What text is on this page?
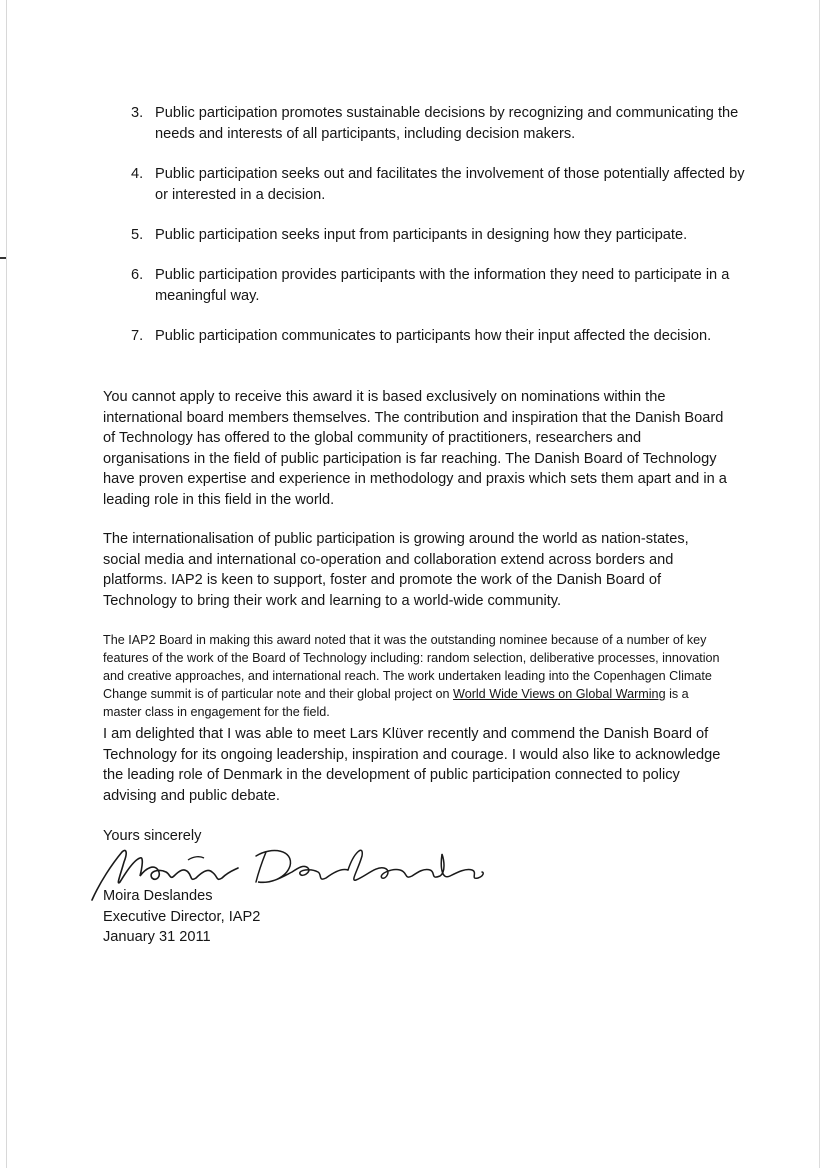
3. Public participation promotes sustainable decisions by recognizing and communicating the needs and interests of all participants, including decision makers.
4. Public participation seeks out and facilitates the involvement of those potentially affected by or interested in a decision.
5. Public participation seeks input from participants in designing how they participate.
6. Public participation provides participants with the information they need to participate in a meaningful way.
7. Public participation communicates to participants how their input affected the decision.

You cannot apply to receive this award it is based exclusively on nominations within the international board members themselves. The contribution and inspiration that the Danish Board of Technology has offered to the global community of practitioners, researchers and organisations in the field of public participation is far reaching. The Danish Board of Technology have proven expertise and experience in methodology and praxis which sets them apart and in a leading role in this field in the world.

The internationalisation of public participation is growing around the world as nation-states, social media and international co-operation and collaboration extend across borders and platforms. IAP2 is keen to support, foster and promote the work of the Danish Board of Technology to bring their work and learning to a world-wide community.

The IAP2 Board in making this award noted that it was the outstanding nominee because of a number of key features of the work of the Board of Technology including: random selection, deliberative processes, innovation and creative approaches, and international reach. The work undertaken leading into the Copenhagen Climate Change summit is of particular note and their global project on World Wide Views on Global Warming is a master class in engagement for the field.

I am delighted that I was able to meet Lars Klüver recently and commend the Danish Board of Technology for its ongoing leadership, inspiration and courage. I would also like to acknowledge the leading role of Denmark in the development of public participation connected to policy advising and public debate.

Yours sincerely
Moira Deslandes
Executive Director, IAP2
January 31 2011
